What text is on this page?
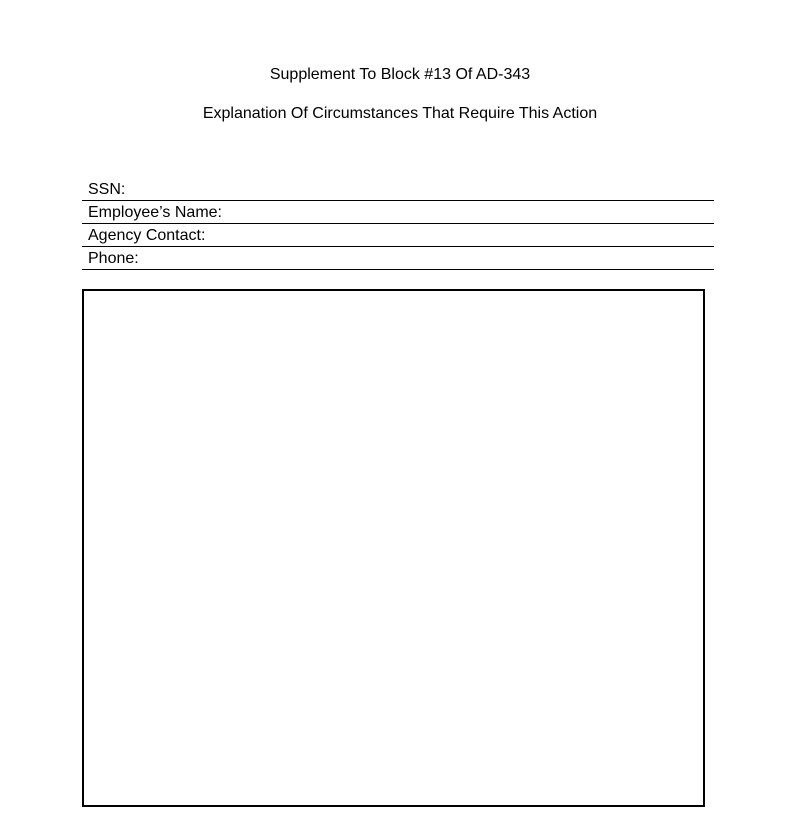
Supplement To Block #13 Of AD-343
Explanation Of Circumstances That Require This Action
SSN:
Employee’s Name:
Agency Contact:
Phone:
